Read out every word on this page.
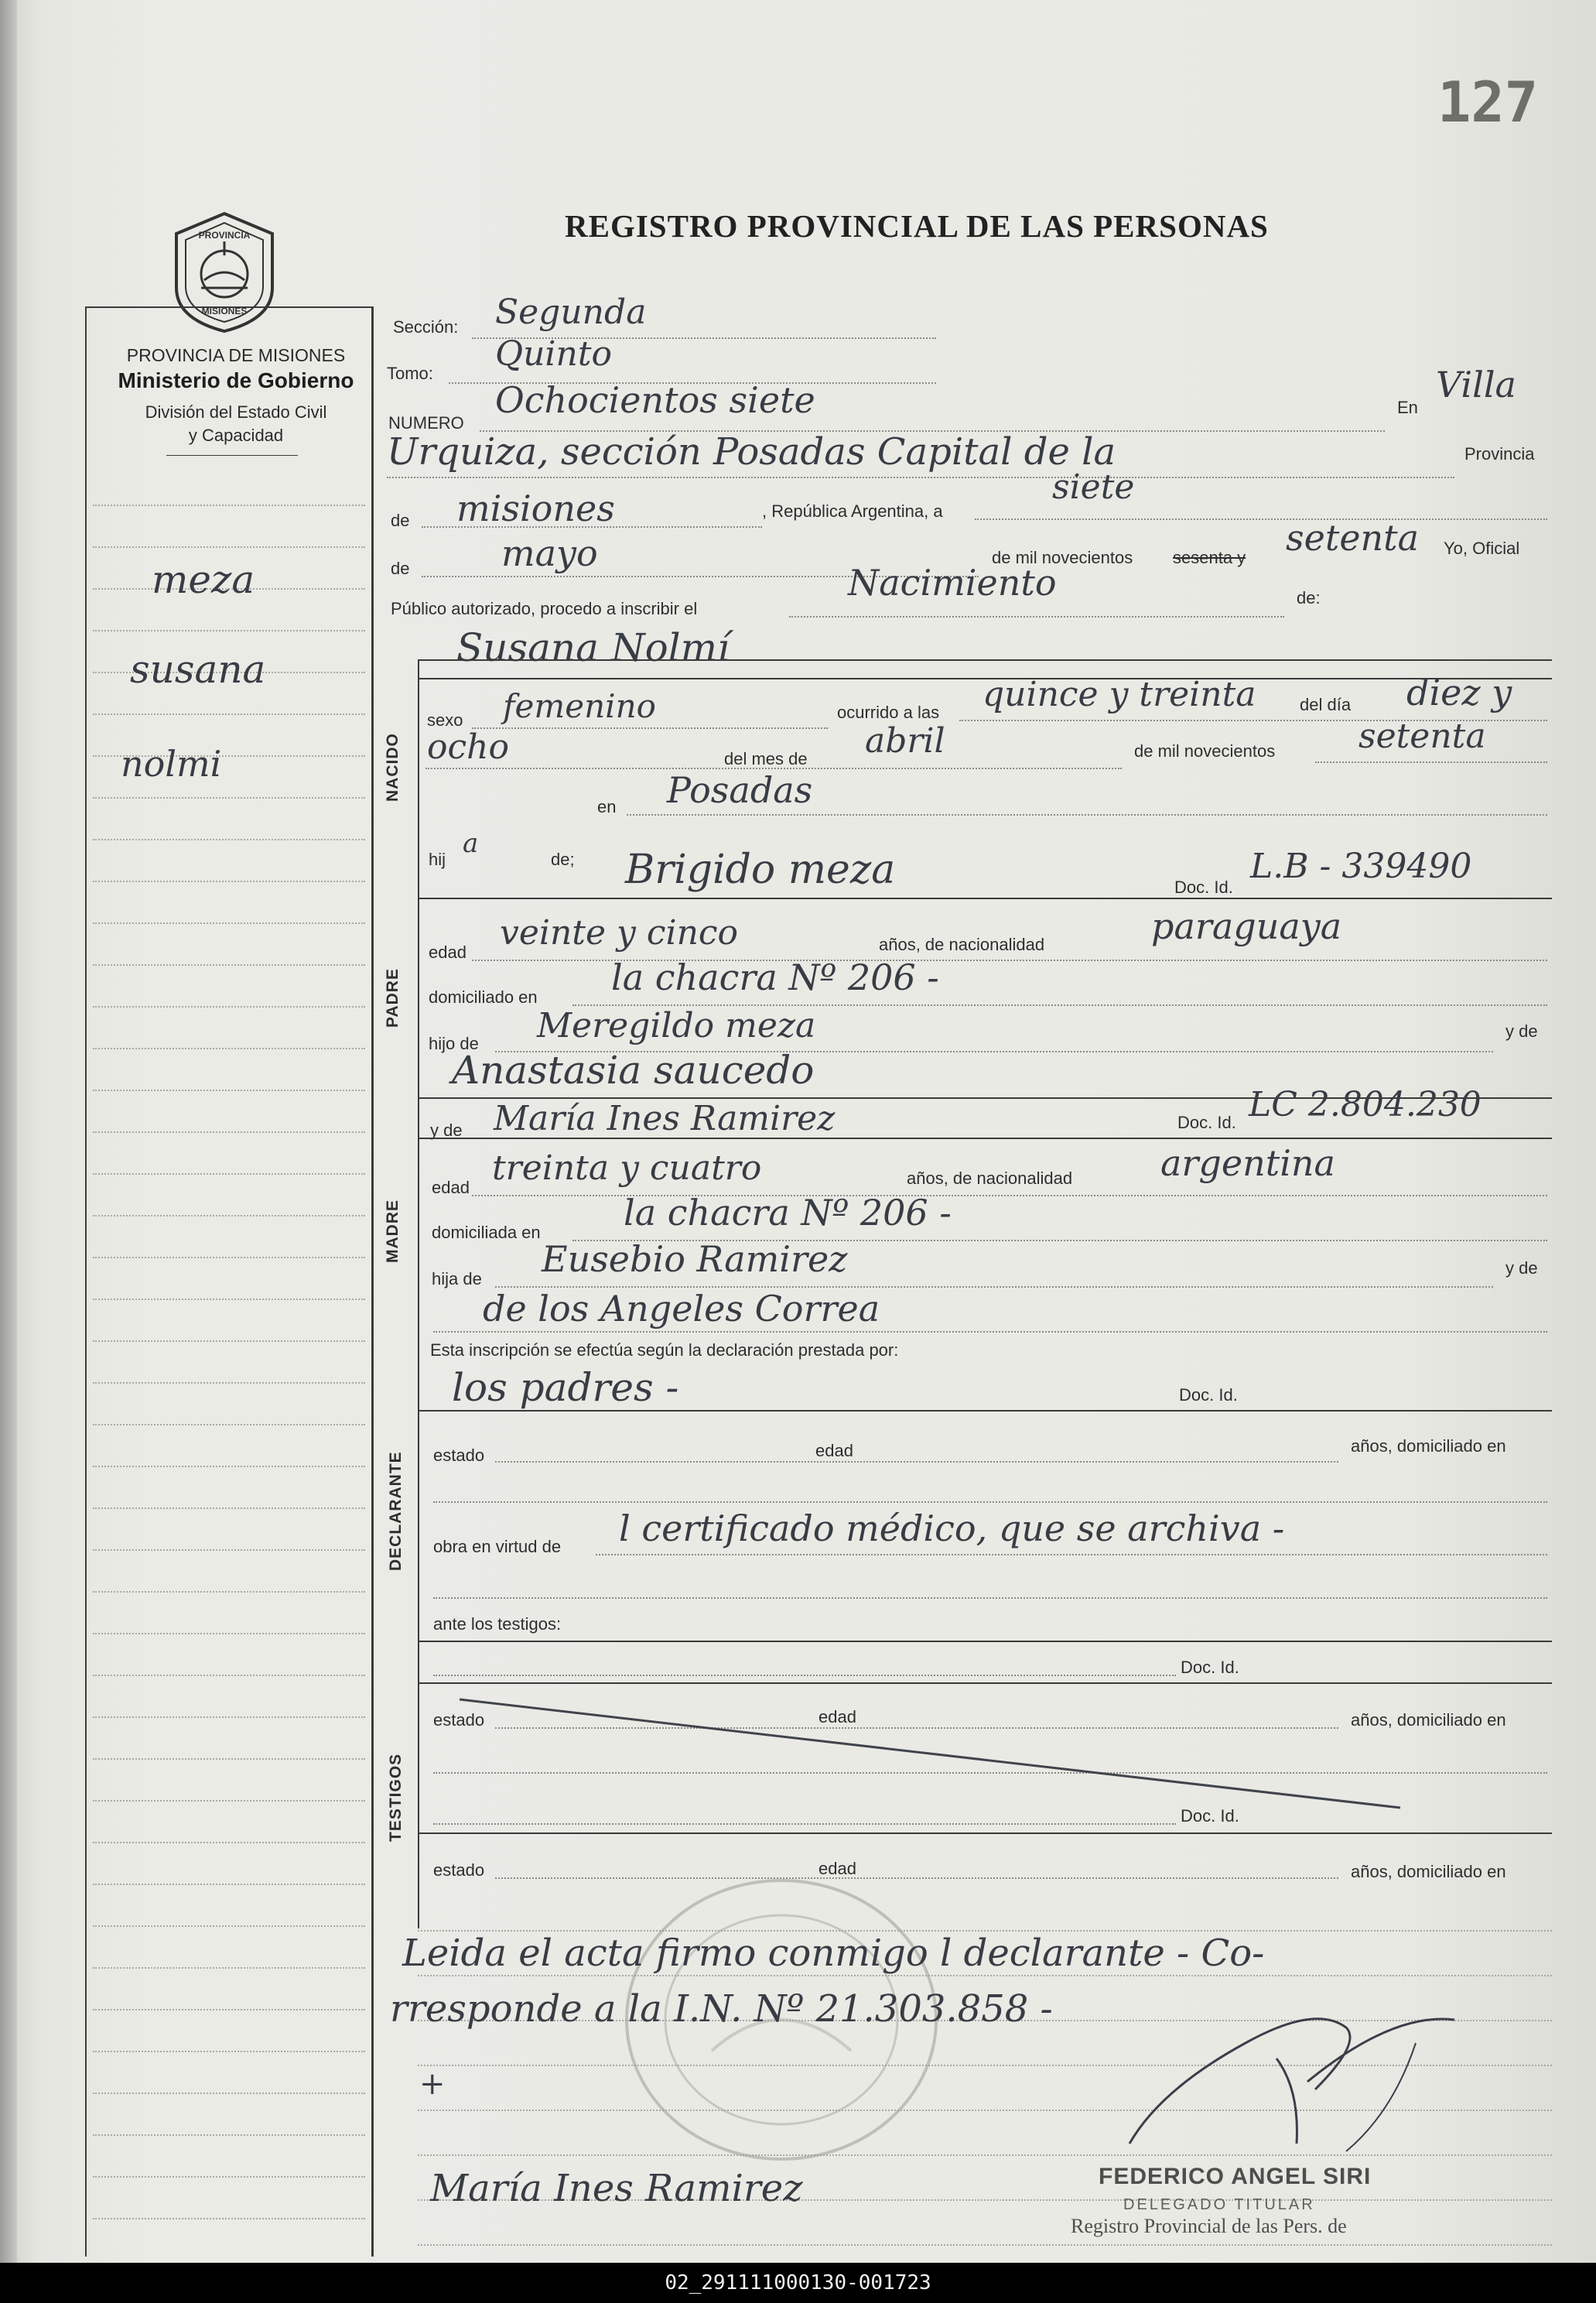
127
REGISTRO PROVINCIAL DE LAS PERSONAS
PROVINCIA
MISIONES
PROVINCIA DE MISIONES
Ministerio de Gobierno
División del Estado Civil
y Capacidad
meza
susana
nolmi
Sección: Segunda
Tomo: Quinto
NUMERO
Ochocientos siete	En
Villa
Urquiza, sección Posadas Capital de la	Provincia
de misiones	, República Argentina, a
siete
de	mayo	de mil novecientos sesenta y setenta Yo, Oficial
Público autorizado, procedo a inscribir el
Nacimiento	de:
Susana Nolmí
NACIDO
sexo femenino	ocurrido a las quince y treinta	del día diez y
ocho	del mes de abril	de mil novecientos setenta
en Posadas
hij
a
de; Brigido meza	Doc. Id.
L.B - 339490
PADRE
edad veinte y cinco	años, de nacionalidad	paraguaya
domiciliado en la chacra Nº 206 -
hijo de Meregildo meza	y de
Anastasia saucedo
y de María Ines Ramirez	Doc. Id. LC 2.804.230
MADRE
edad treinta y cuatro	años, de nacionalidad argentina
domiciliada en la chacra Nº 206 -
hija de Eusebio Ramirez	y de
de los Angeles Correa
Esta inscripción se efectúa según la declaración prestada por:
los padres -	Doc. Id.
DECLARANTE estado	edad	años, domiciliado en
obra en virtud de l certificado médico, que se archiva -
ante los testigos:
Doc. Id.
TESTIGOS
estado	edad	años, domiciliado en
Doc. Id.
estado	edad	años, domiciliado en
Leida el acta firmo conmigo l declarante - Co-
rresponde a la I.N. Nº 21.303.858 -
+
María Ines Ramirez	FEDERICO ANGEL SIRI
DELEGADO TITULAR
Registro Provincial de las Pers. de
02_291111000130-001723
